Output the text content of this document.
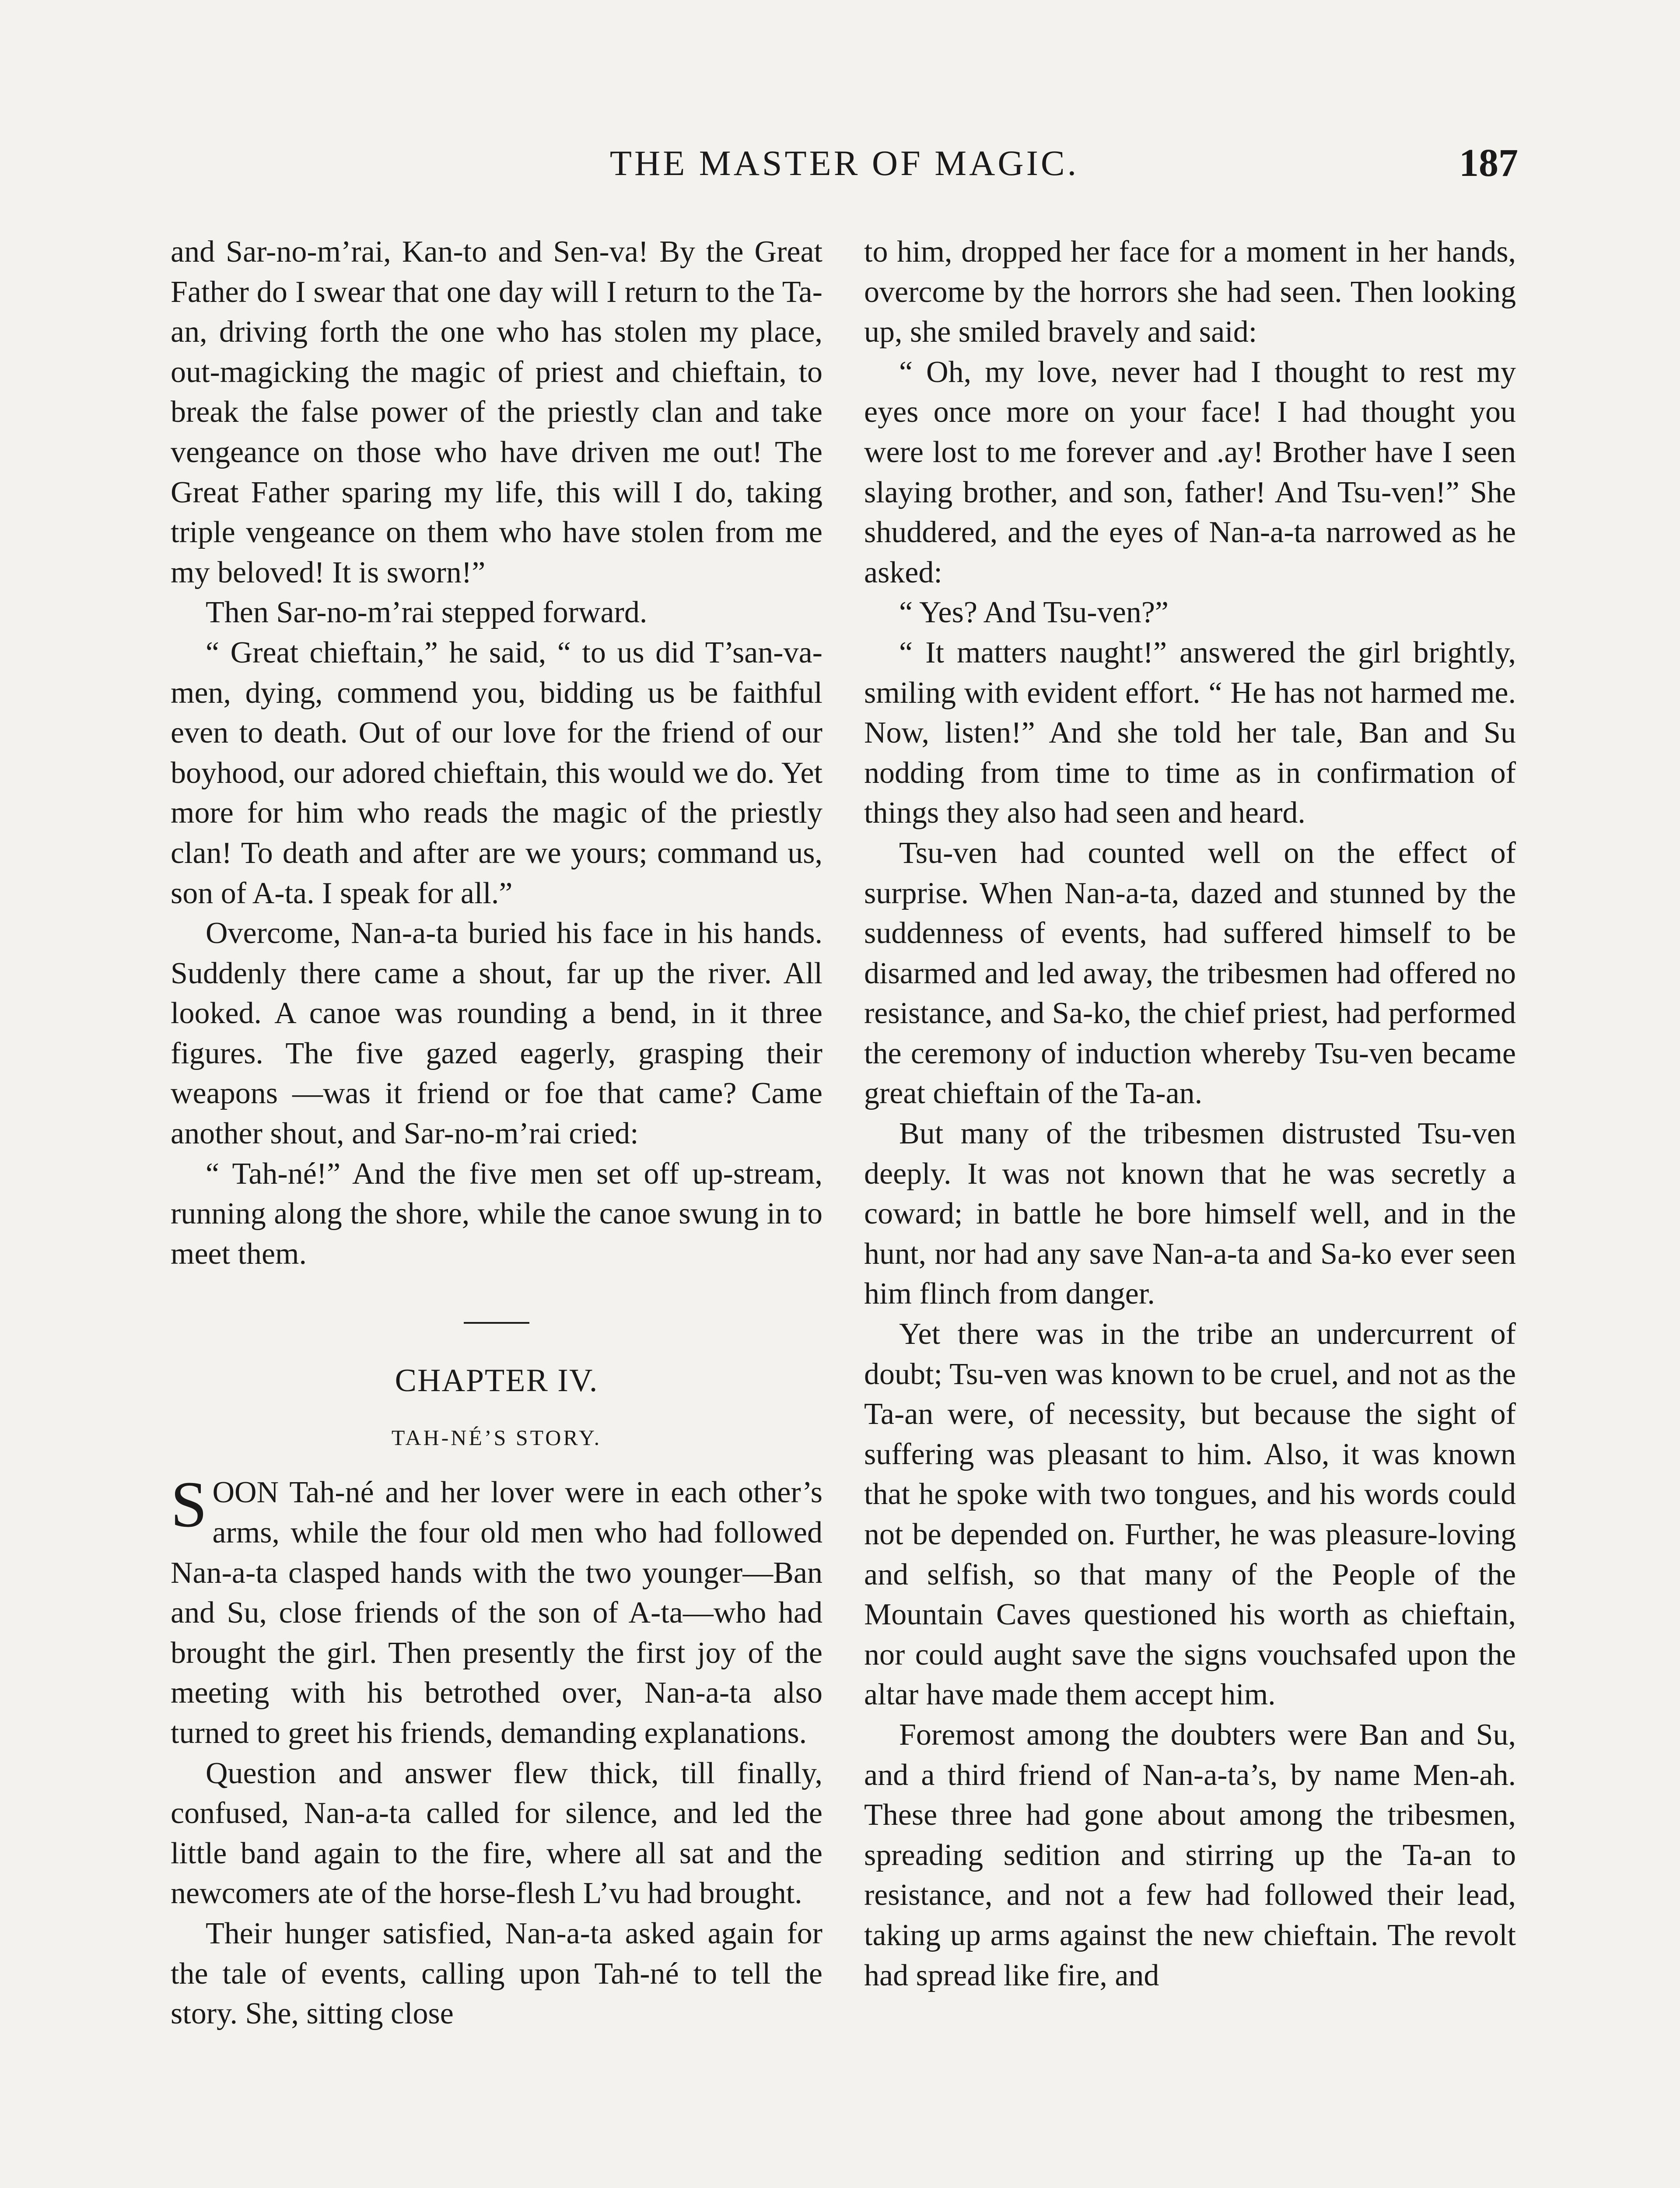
THE MASTER OF MAGIC.	187

and Sar-no-m’rai, Kan-to and Sen-va! By the Great Father do I swear that one day will I return to the Ta-an, driving forth the one who has stolen my place, out-magicking the magic of priest and chieftain, to break the false power of the priestly clan and take vengeance on those who have driven me out! The Great Father sparing my life, this will I do, taking triple vengeance on them who have stolen from me my beloved! It is sworn!”

Then Sar-no-m’rai stepped forward.

“ Great chieftain,” he said, “ to us did T’san-va-men, dying, commend you, bidding us be faithful even to death. Out of our love for the friend of our boyhood, our adored chieftain, this would we do. Yet more for him who reads the magic of the priestly clan! To death and after are we yours; command us, son of A-ta. I speak for all.”

Overcome, Nan-a-ta buried his face in his hands. Suddenly there came a shout, far up the river. All looked. A canoe was rounding a bend, in it three figures. The five gazed eagerly, grasping their weapons —was it friend or foe that came? Came another shout, and Sar-no-m’rai cried:

“ Tah-né!” And the five men set off up-stream, running along the shore, while the canoe swung in to meet them.

CHAPTER IV.
TAH-NÉ’S STORY.

SOON Tah-né and her lover were in each other’s arms, while the four old men who had followed Nan-a-ta clasped hands with the two younger—Ban and Su, close friends of the son of A-ta—who had brought the girl. Then presently the first joy of the meeting with his betrothed over, Nan-a-ta also turned to greet his friends, demanding explanations.

Question and answer flew thick, till finally, confused, Nan-a-ta called for silence, and led the little band again to the fire, where all sat and the newcomers ate of the horse-flesh L’vu had brought.

Their hunger satisfied, Nan-a-ta asked again for the tale of events, calling upon Tah-né to tell the story. She, sitting close

to him, dropped her face for a moment in her hands, overcome by the horrors she had seen. Then looking up, she smiled bravely and said:

“ Oh, my love, never had I thought to rest my eyes once more on your face! I had thought you were lost to me forever and .ay! Brother have I seen slaying brother, and son, father! And Tsu-ven!” She shuddered, and the eyes of Nan-a-ta narrowed as he asked:

“ Yes? And Tsu-ven?”

“ It matters naught!” answered the girl brightly, smiling with evident effort. “ He has not harmed me. Now, listen!” And she told her tale, Ban and Su nodding from time to time as in confirmation of things they also had seen and heard.

Tsu-ven had counted well on the effect of surprise. When Nan-a-ta, dazed and stunned by the suddenness of events, had suffered himself to be disarmed and led away, the tribesmen had offered no resistance, and Sa-ko, the chief priest, had performed the ceremony of induction whereby Tsu-ven became great chieftain of the Ta-an.

But many of the tribesmen distrusted Tsu-ven deeply. It was not known that he was secretly a coward; in battle he bore himself well, and in the hunt, nor had any save Nan-a-ta and Sa-ko ever seen him flinch from danger.

Yet there was in the tribe an undercurrent of doubt; Tsu-ven was known to be cruel, and not as the Ta-an were, of necessity, but because the sight of suffering was pleasant to him. Also, it was known that he spoke with two tongues, and his words could not be depended on. Further, he was pleasure-loving and selfish, so that many of the People of the Mountain Caves questioned his worth as chieftain, nor could aught save the signs vouchsafed upon the altar have made them accept him.

Foremost among the doubters were Ban and Su, and a third friend of Nan-a-ta’s, by name Men-ah. These three had gone about among the tribesmen, spreading sedition and stirring up the Ta-an to resistance, and not a few had followed their lead, taking up arms against the new chieftain. The revolt had spread like fire, and
